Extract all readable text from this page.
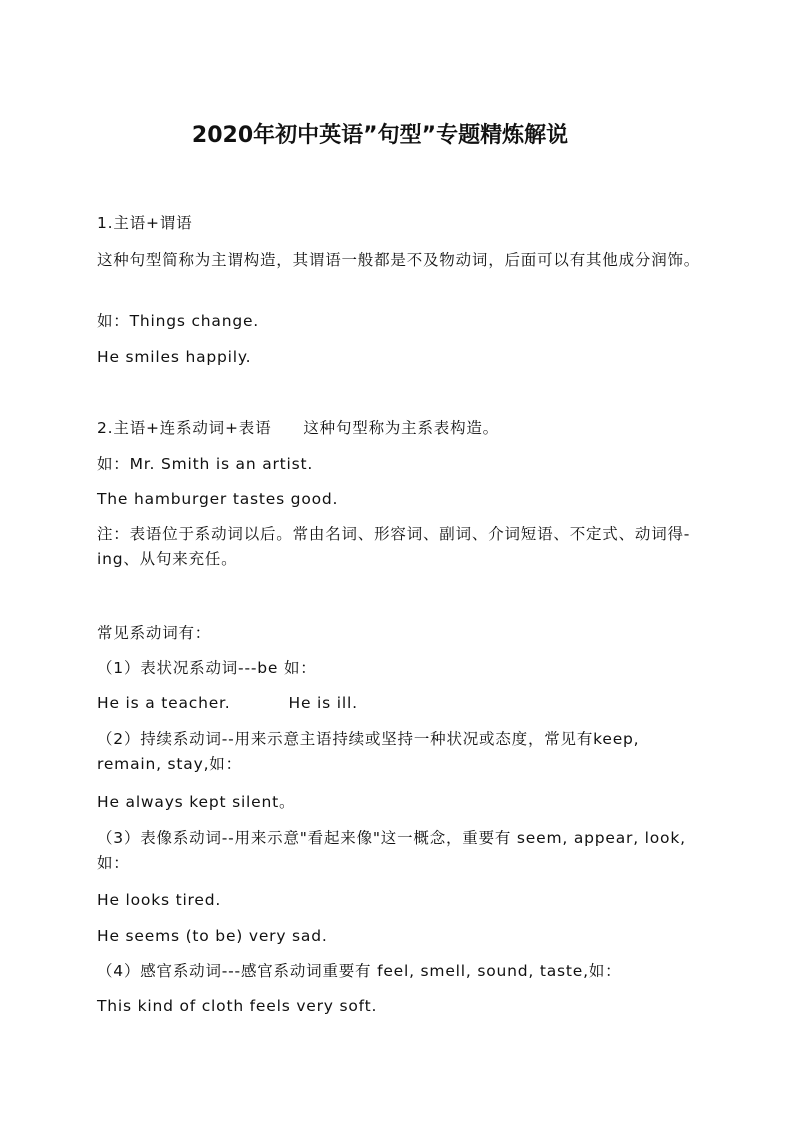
2020年初中英语”句型”专题精炼解说
1.主语+谓语
这种句型简称为主谓构造，其谓语一般都是不及物动词，后面可以有其他成分润饰。
如：Things change.
He smiles happily.
2.主语+连系动词+表语 这种句型称为主系表构造。
如：Mr. Smith is an artist.
The hamburger tastes good.
注：表语位于系动词以后。常由名词、形容词、副词、介词短语、不定式、动词得-ing、从句来充任。
常见系动词有：
（1）表状况系动词---be 如：
He is a teacher.	He is ill.
（2）持续系动词--用来示意主语持续或坚持一种状况或态度，常见有keep, remain, stay,如：
He always kept silent。
（3）表像系动词--用来示意"看起来像"这一概念，重要有 seem, appear, look,如：
He looks tired.
He seems (to be) very sad.
（4）感官系动词---感官系动词重要有 feel, smell, sound, taste,如：
This kind of cloth feels very soft.
